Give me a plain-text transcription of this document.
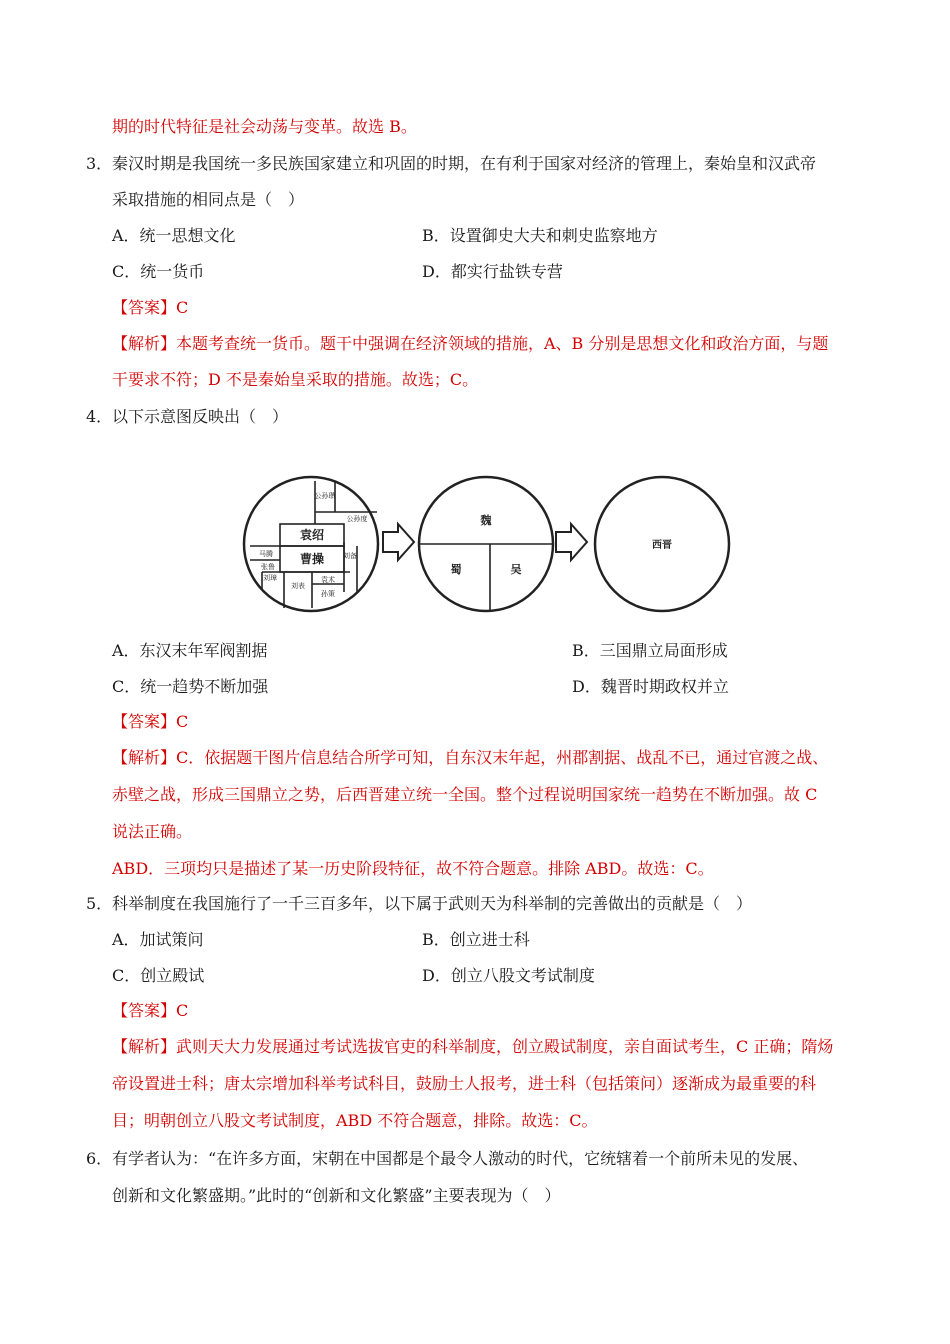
期的时代特征是社会动荡与变革。故选 B。
3． 秦汉时期是我国统一多民族国家建立和巩固的时期，在有利于国家对经济的管理上，秦始皇和汉武帝
采取措施的相同点是（　）
A．统一思想文化	B．设置御史大夫和刺史监察地方
C．统一货币	D．都实行盐铁专营
【答案】C
【解析】本题考查统一货币。题干中强调在经济领域的措施，A、B 分别是思想文化和政治方面，与题
干要求不符；D 不是秦始皇采取的措施。故选；C。
4． 以下示意图反映出（　）
公孙瓒
公孙度
袁绍
曹操
马腾
张鲁
刘表
刘璋	袁术
孙策
刘备
魏
蜀	吴
西晋
A．东汉末年军阀割据	B．三国鼎立局面形成
C．统一趋势不断加强	D．魏晋时期政权并立
【答案】C
【解析】C．依据题干图片信息结合所学可知，自东汉末年起，州郡割据、战乱不已，通过官渡之战、
赤壁之战，形成三国鼎立之势，后西晋建立统一全国。整个过程说明国家统一趋势在不断加强。故 C
说法正确。
ABD．三项均只是描述了某一历史阶段特征，故不符合题意。排除 ABD。故选：C。
5． 科举制度在我国施行了一千三百多年，以下属于武则天为科举制的完善做出的贡献是（　）
A．加试策问	B．创立进士科
C．创立殿试	D．创立八股文考试制度
【答案】C
【解析】武则天大力发展通过考试选拔官吏的科举制度，创立殿试制度，亲自面试考生，C 正确；隋炀
帝设置进士科；唐太宗增加科举考试科目，鼓励士人报考，进士科（包括策问）逐渐成为最重要的科
目；明朝创立八股文考试制度，ABD 不符合题意，排除。故选：C。
6． 有学者认为：“在许多方面，宋朝在中国都是个最令人激动的时代，它统辖着一个前所未见的发展、
创新和文化繁盛期。”此时的“创新和文化繁盛”主要表现为（　）
